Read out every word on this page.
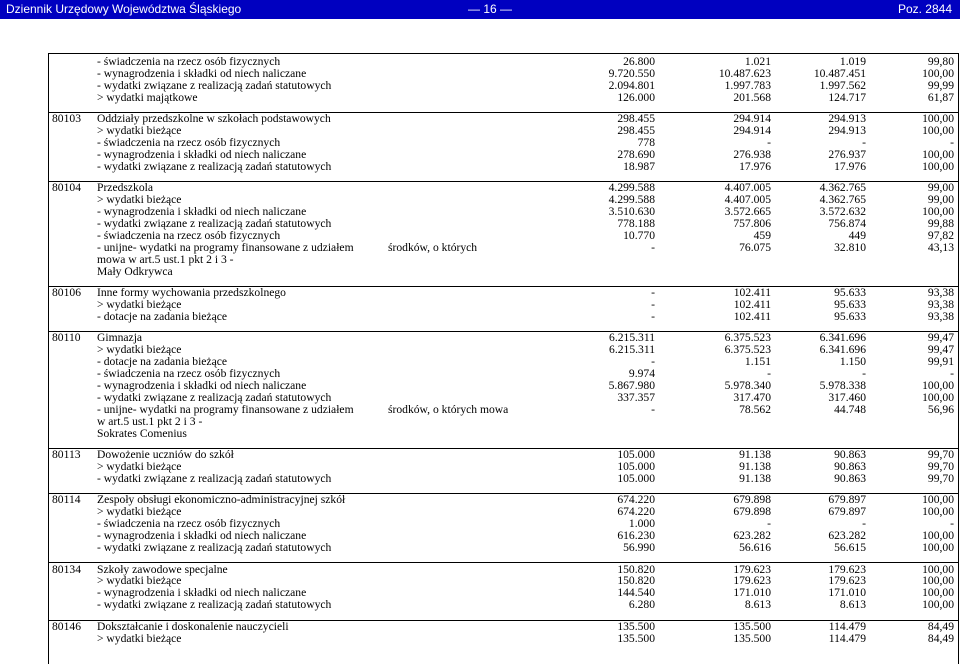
Dziennik Urzędowy Województwa Śląskiego	— 16 —	Poz. 2844
- świadczenia na rzecz osób fizycznych	26.800	1.021	1.019	99,80
- wynagrodzenia i składki od niech naliczane	9.720.550	10.487.623	10.487.451	100,00
- wydatki związane z realizacją zadań statutowych	2.094.801	1.997.783	1.997.562	99,99
> wydatki majątkowe	126.000	201.568	124.717	61,87
80103 Oddziały przedszkolne w szkołach podstawowych	298.455	294.914	294.913	100,00
> wydatki bieżące	298.455	294.914	294.913	100,00
- świadczenia na rzecz osób fizycznych	778	-	-	-
- wynagrodzenia i składki od niech naliczane	278.690	276.938	276.937	100,00
- wydatki związane z realizacją zadań statutowych	18.987	17.976	17.976	100,00
80104 Przedszkola	4.299.588	4.407.005	4.362.765	99,00
> wydatki bieżące	4.299.588	4.407.005	4.362.765	99,00
- wynagrodzenia i składki od niech naliczane	3.510.630	3.572.665	3.572.632	100,00
- wydatki związane z realizacją zadań statutowych	778.188	757.806	756.874	99,88
- świadczenia na rzecz osób fizycznych	10.770	459	449	97,82
- unijne- wydatki na programy finansowane z udziałem	środków, o których	-	76.075	32.810	43,13
mowa w art.5 ust.1 pkt 2 i 3 -
Mały Odkrywca
80106 Inne formy wychowania przedszkolnego	-	102.411	95.633	93,38
> wydatki bieżące	-	102.411	95.633	93,38
- dotacje na zadania bieżące	-	102.411	95.633	93,38
80110 Gimnazja	6.215.311	6.375.523	6.341.696	99,47
> wydatki bieżące	6.215.311	6.375.523	6.341.696	99,47
- dotacje na zadania bieżące	-	1.151	1.150	99,91
- świadczenia na rzecz osób fizycznych	9.974	-	-	-
- wynagrodzenia i składki od niech naliczane	5.867.980	5.978.340	5.978.338	100,00
- wydatki związane z realizacją zadań statutowych	337.357	317.470	317.460	100,00
- unijne- wydatki na programy finansowane z udziałem	środków, o których mowa	-	78.562	44.748	56,96
w art.5 ust.1 pkt 2 i 3 -
Sokrates Comenius
80113 Dowożenie uczniów do szkół	105.000	91.138	90.863	99,70
> wydatki bieżące	105.000	91.138	90.863	99,70
- wydatki związane z realizacją zadań statutowych	105.000	91.138	90.863	99,70
80114 Zespoły obsługi ekonomiczno-administracyjnej szkół	674.220	679.898	679.897	100,00
> wydatki bieżące	674.220	679.898	679.897	100,00
- świadczenia na rzecz osób fizycznych	1.000	-	-	-
- wynagrodzenia i składki od niech naliczane	616.230	623.282	623.282	100,00
- wydatki związane z realizacją zadań statutowych	56.990	56.616	56.615	100,00
80134 Szkoły zawodowe specjalne	150.820	179.623	179.623	100,00
> wydatki bieżące	150.820	179.623	179.623	100,00
- wynagrodzenia i składki od niech naliczane	144.540	171.010	171.010	100,00
- wydatki związane z realizacją zadań statutowych	6.280	8.613	8.613	100,00
80146 Dokształcanie i doskonalenie nauczycieli	135.500	135.500	114.479	84,49
> wydatki bieżące	135.500	135.500	114.479	84,49
